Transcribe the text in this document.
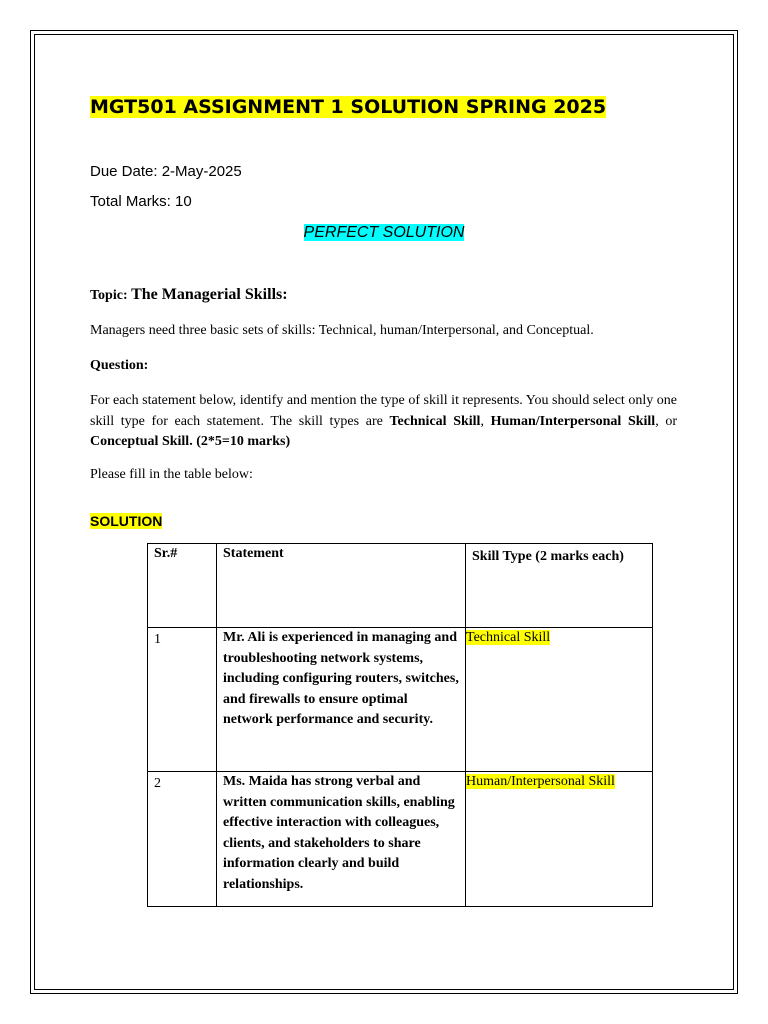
MGT501 ASSIGNMENT 1 SOLUTION SPRING 2025
Due Date: 2-May-2025
Total Marks: 10
PERFECT SOLUTION
Topic: The Managerial Skills:
Managers need three basic sets of skills: Technical, human/Interpersonal, and Conceptual.
Question:
For each statement below, identify and mention the type of skill it represents. You should select only one skill type for each statement. The skill types are Technical Skill, Human/Interpersonal Skill, or Conceptual Skill. (2*5=10 marks)
Please fill in the table below:
SOLUTION
Sr.#	Statement	Skill Type (2 marks each)
1	Mr. Ali is experienced in managing and troubleshooting network systems, including configuring routers, switches, and firewalls to ensure optimal network performance and security.	Technical Skill
2	Ms. Maida has strong verbal and written communication skills, enabling effective interaction with colleagues, clients, and stakeholders to share information clearly and build relationships.	Human/Interpersonal Skill
